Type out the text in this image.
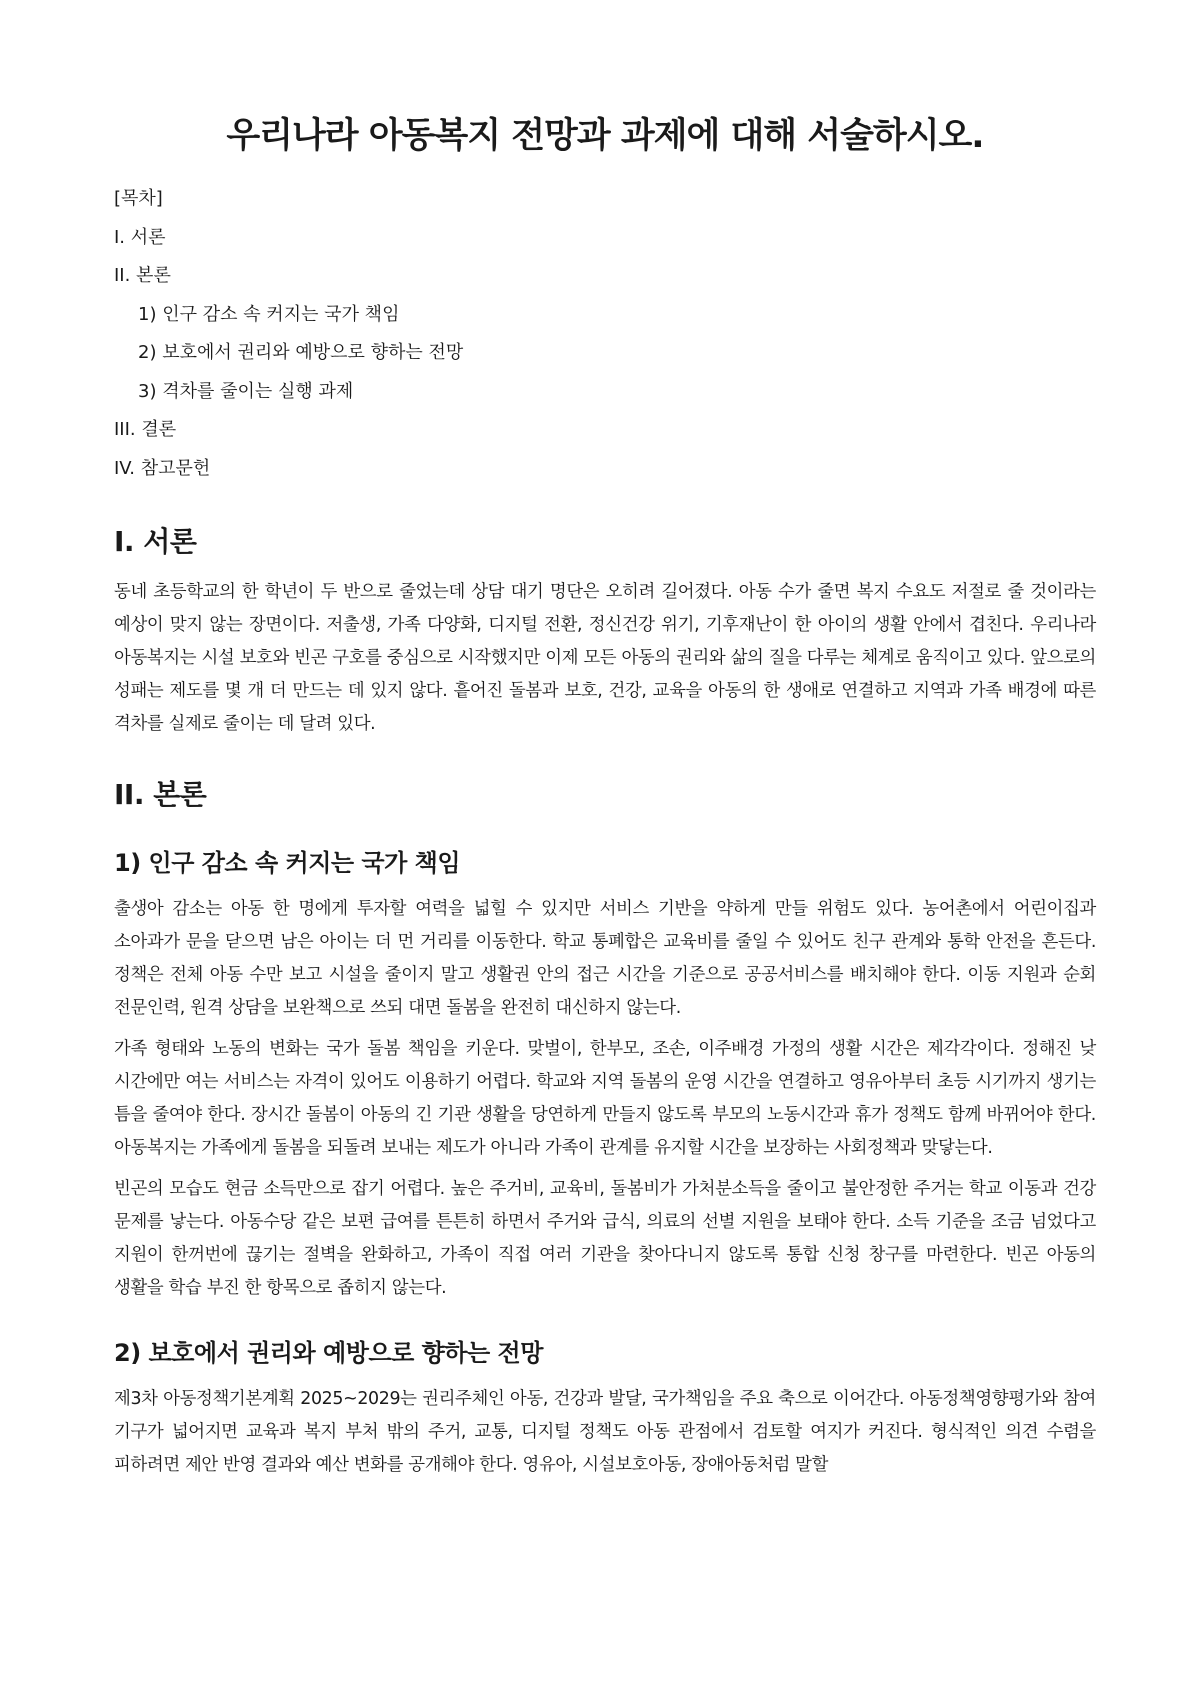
우리나라 아동복지 전망과 과제에 대해 서술하시오.
[목차]
I. 서론
II. 본론
1) 인구 감소 속 커지는 국가 책임
2) 보호에서 권리와 예방으로 향하는 전망
3) 격차를 줄이는 실행 과제
III. 결론
IV. 참고문헌
I. 서론

동네 초등학교의 한 학년이 두 반으로 줄었는데 상담 대기 명단은 오히려 길어졌다. 아동 수가 줄면 복지 수요도 저절로 줄 것이라는 예상이 맞지 않는 장면이다. 저출생, 가족 다양화, 디지털 전환, 정신건강 위기, 기후재난이 한 아이의 생활 안에서 겹친다. 우리나라 아동복지는 시설 보호와 빈곤 구호를 중심으로 시작했지만 이제 모든 아동의 권리와 삶의 질을 다루는 체계로 움직이고 있다. 앞으로의 성패는 제도를 몇 개 더 만드는 데 있지 않다. 흩어진 돌봄과 보호, 건강, 교육을 아동의 한 생애로 연결하고 지역과 가족 배경에 따른 격차를 실제로 줄이는 데 달려 있다.

II. 본론
1) 인구 감소 속 커지는 국가 책임

출생아 감소는 아동 한 명에게 투자할 여력을 넓힐 수 있지만 서비스 기반을 약하게 만들 위험도 있다. 농어촌에서 어린이집과 소아과가 문을 닫으면 남은 아이는 더 먼 거리를 이동한다. 학교 통폐합은 교육비를 줄일 수 있어도 친구 관계와 통학 안전을 흔든다. 정책은 전체 아동 수만 보고 시설을 줄이지 말고 생활권 안의 접근 시간을 기준으로 공공서비스를 배치해야 한다. 이동 지원과 순회 전문인력, 원격 상담을 보완책으로 쓰되 대면 돌봄을 완전히 대신하지 않는다.

가족 형태와 노동의 변화는 국가 돌봄 책임을 키운다. 맞벌이, 한부모, 조손, 이주배경 가정의 생활 시간은 제각각이다. 정해진 낮 시간에만 여는 서비스는 자격이 있어도 이용하기 어렵다. 학교와 지역 돌봄의 운영 시간을 연결하고 영유아부터 초등 시기까지 생기는 틈을 줄여야 한다. 장시간 돌봄이 아동의 긴 기관 생활을 당연하게 만들지 않도록 부모의 노동시간과 휴가 정책도 함께 바뀌어야 한다. 아동복지는 가족에게 돌봄을 되돌려 보내는 제도가 아니라 가족이 관계를 유지할 시간을 보장하는 사회정책과 맞닿는다.

빈곤의 모습도 현금 소득만으로 잡기 어렵다. 높은 주거비, 교육비, 돌봄비가 가처분소득을 줄이고 불안정한 주거는 학교 이동과 건강 문제를 낳는다. 아동수당 같은 보편 급여를 튼튼히 하면서 주거와 급식, 의료의 선별 지원을 보태야 한다. 소득 기준을 조금 넘었다고 지원이 한꺼번에 끊기는 절벽을 완화하고, 가족이 직접 여러 기관을 찾아다니지 않도록 통합 신청 창구를 마련한다. 빈곤 아동의 생활을 학습 부진 한 항목으로 좁히지 않는다.

2) 보호에서 권리와 예방으로 향하는 전망

제3차 아동정책기본계획 2025~2029는 권리주체인 아동, 건강과 발달, 국가책임을 주요 축으로 이어간다. 아동정책영향평가와 참여 기구가 넓어지면 교육과 복지 부처 밖의 주거, 교통, 디지털 정책도 아동 관점에서 검토할 여지가 커진다. 형식적인 의견 수렴을 피하려면 제안 반영 결과와 예산 변화를 공개해야 한다. 영유아, 시설보호아동, 장애아동처럼 말할
